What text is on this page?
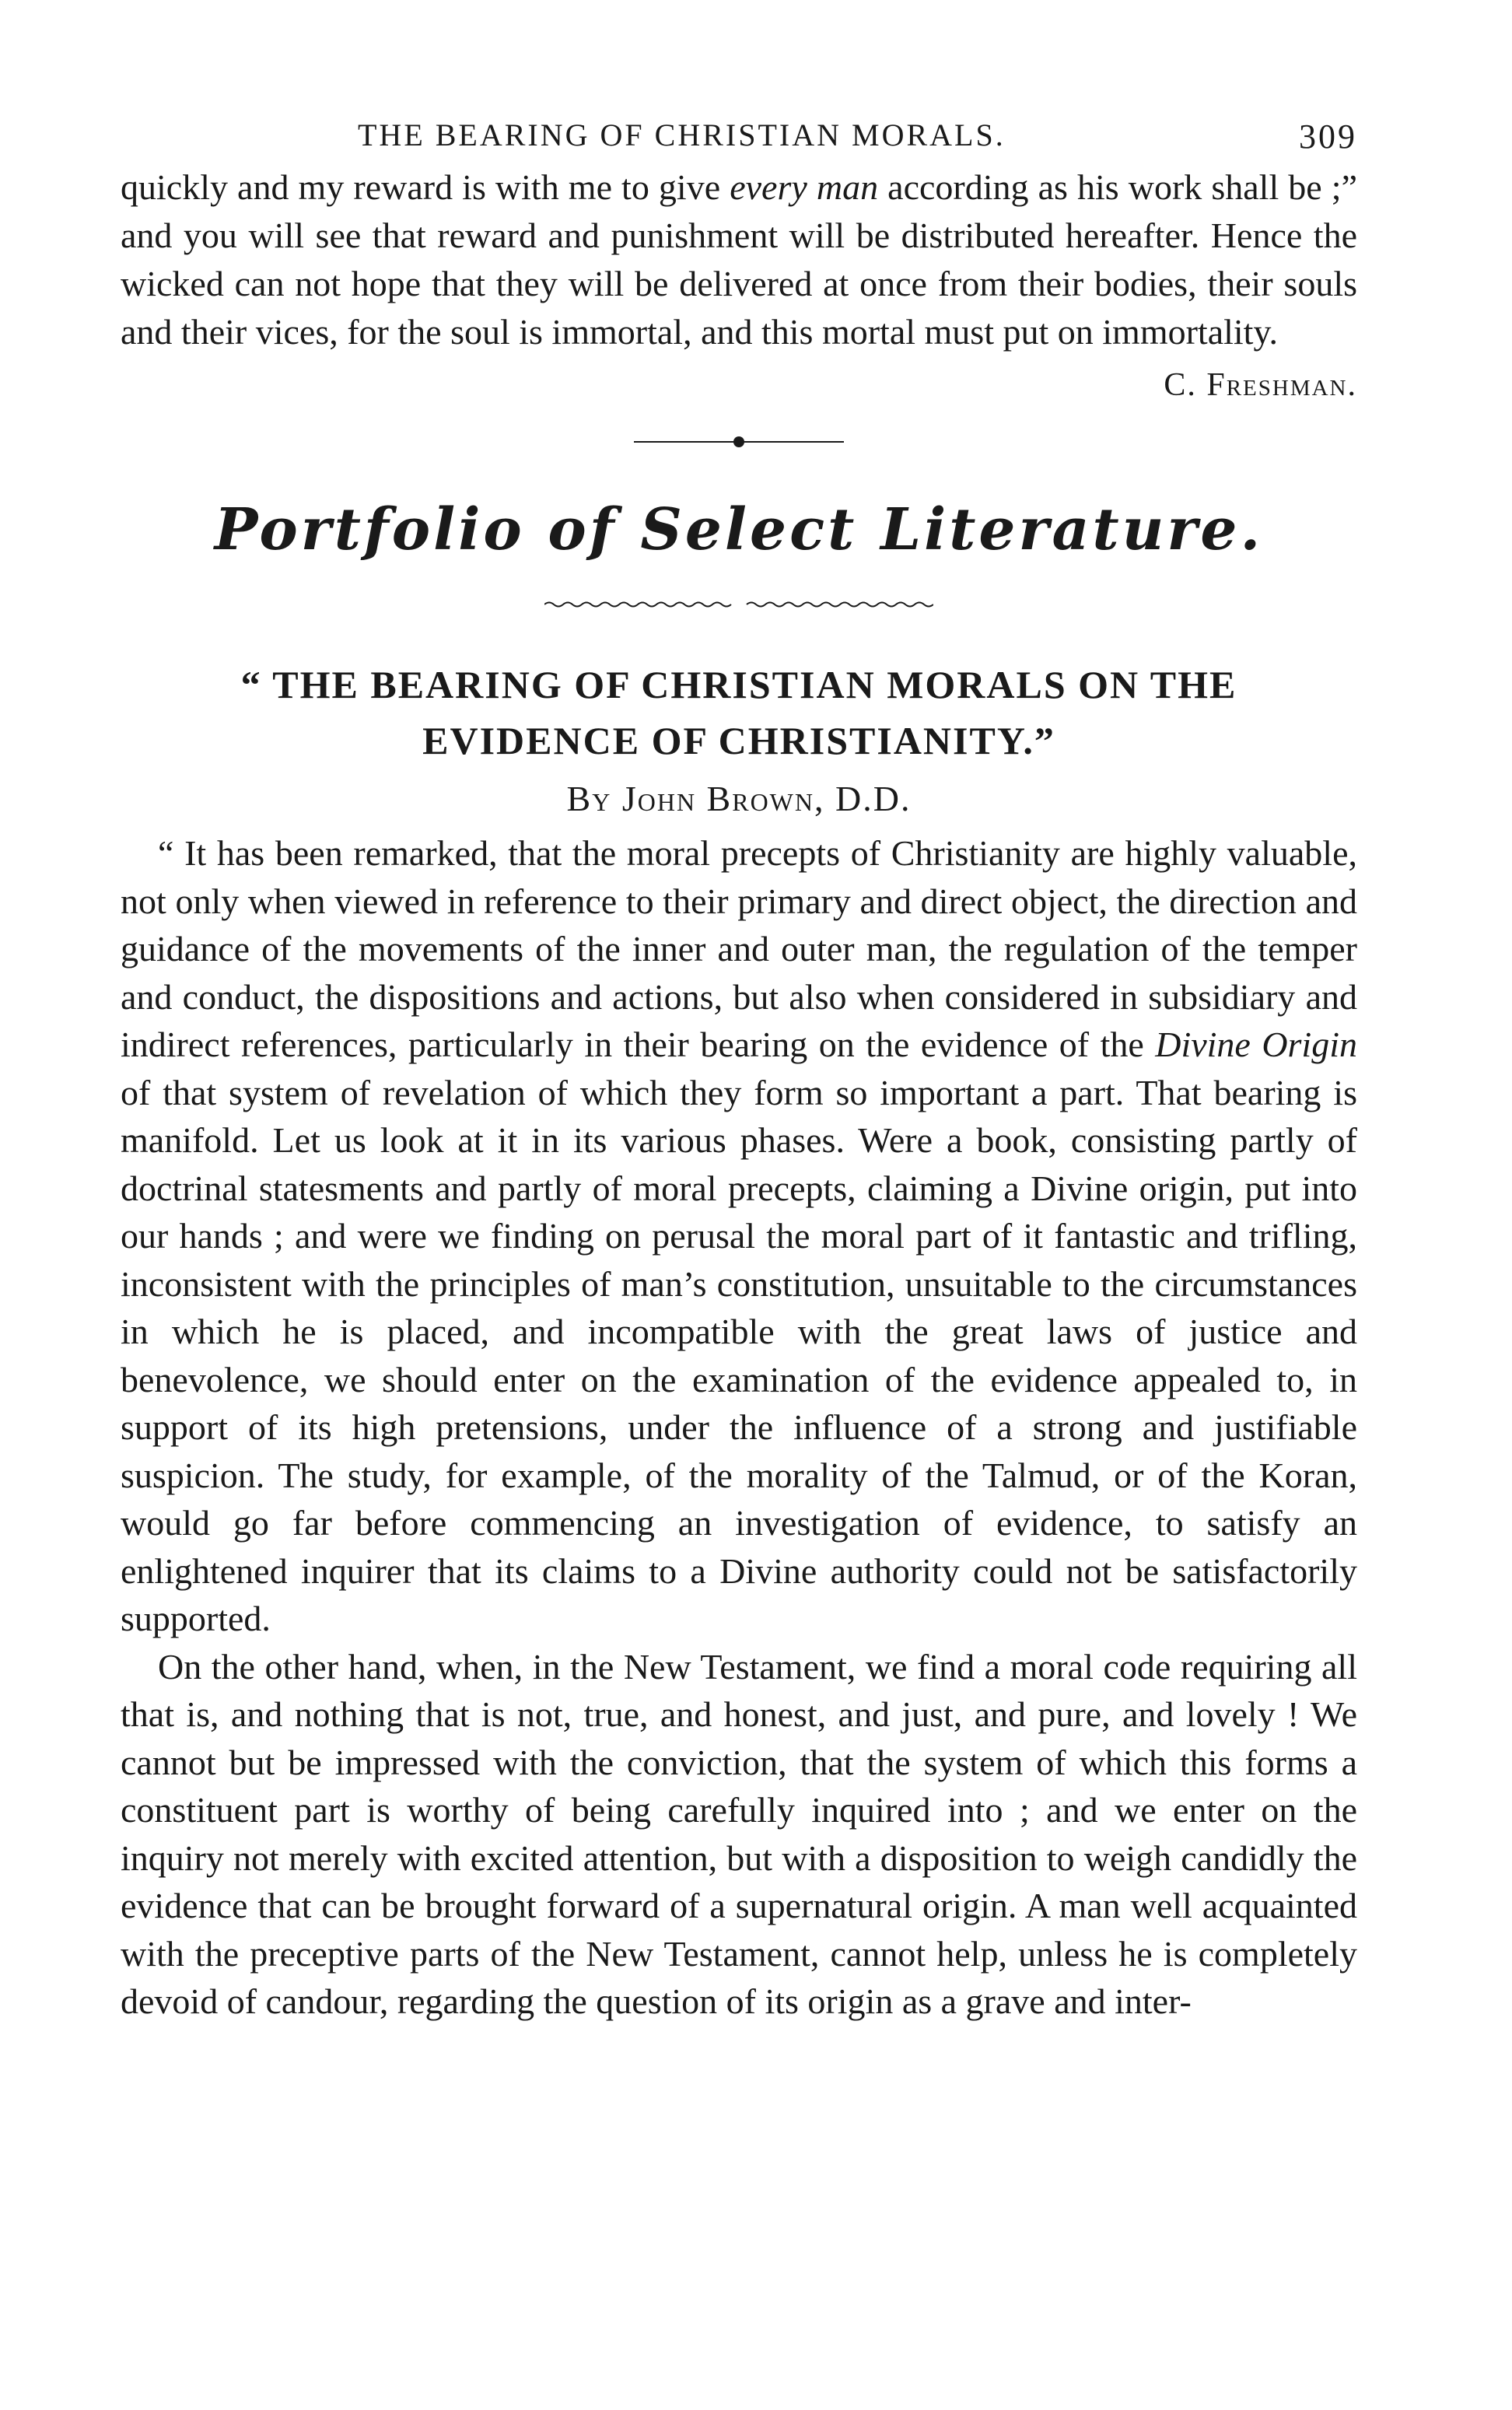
THE BEARING OF CHRISTIAN MORALS.	309

quickly and my reward is with me to give every man according as his work shall be ;” and you will see that reward and punishment will be distributed hereafter. Hence the wicked can not hope that they will be delivered at once from their bodies, their souls and their vices, for the soul is immortal, and this mortal must put on immortality.

C. Freshman.
Portfolio of Select Literature.
“ THE BEARING OF CHRISTIAN MORALS ON THE EVIDENCE OF CHRISTIANITY.”
By John Brown, D.D.

“ It has been remarked, that the moral precepts of Christianity are highly valuable, not only when viewed in reference to their primary and direct object, the direction and guidance of the movements of the inner and outer man, the regulation of the temper and conduct, the dispositions and actions, but also when considered in subsidiary and indirect references, particularly in their bearing on the evidence of the Divine Origin of that system of revelation of which they form so important a part. That bearing is manifold. Let us look at it in its various phases. Were a book, consisting partly of doctrinal statesments and partly of moral precepts, claiming a Divine origin, put into our hands ; and were we finding on perusal the moral part of it fantastic and trifling, inconsistent with the principles of man’s constitution, unsuitable to the circumstances in which he is placed, and incompatible with the great laws of justice and benevolence, we should enter on the examination of the evidence appealed to, in support of its high pretensions, under the influence of a strong and justifiable suspicion. The study, for example, of the morality of the Talmud, or of the Koran, would go far before commencing an investigation of evidence, to satisfy an enlightened inquirer that its claims to a Divine authority could not be satisfactorily supported.

On the other hand, when, in the New Testament, we find a moral code requiring all that is, and nothing that is not, true, and honest, and just, and pure, and lovely ! We cannot but be impressed with the conviction, that the system of which this forms a constituent part is worthy of being carefully inquired into ; and we enter on the inquiry not merely with excited attention, but with a disposition to weigh candidly the evidence that can be brought forward of a supernatural origin. A man well acquainted with the preceptive parts of the New Testament, cannot help, unless he is completely devoid of candour, regarding the question of its origin as a grave and inter-
